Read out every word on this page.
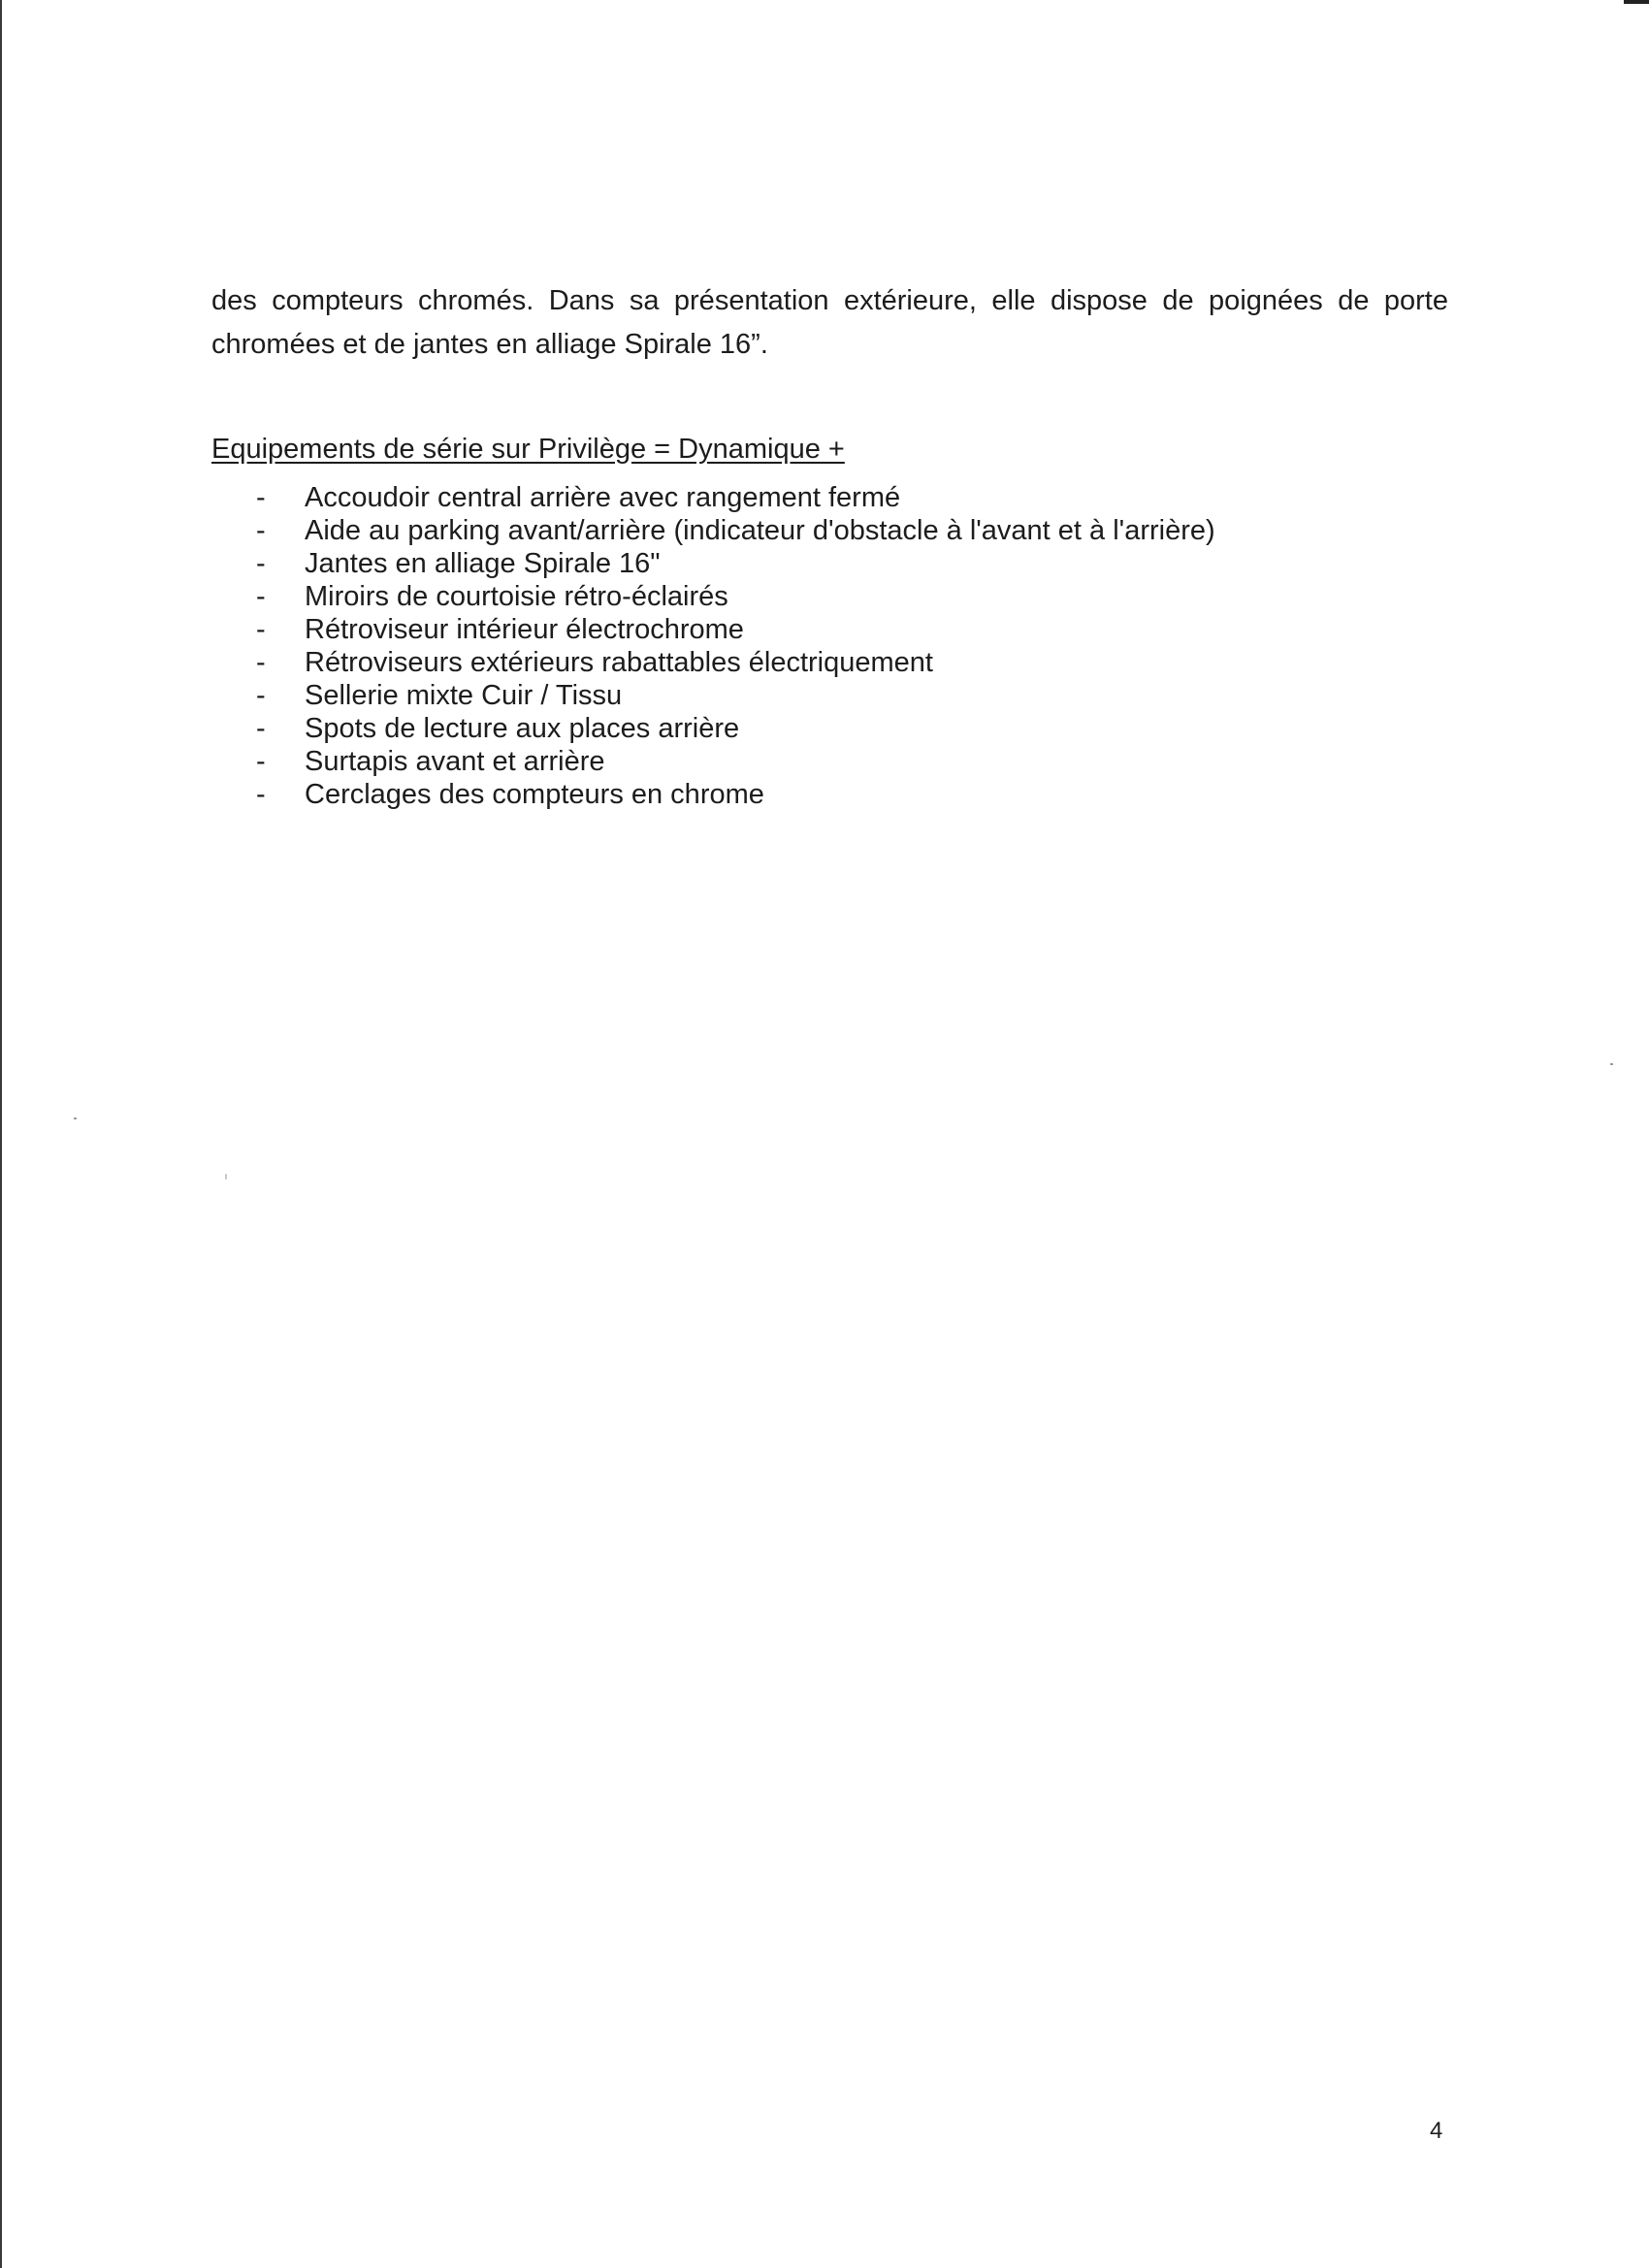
des compteurs chromés. Dans sa présentation extérieure, elle dispose de poignées de porte
chromées et de jantes en alliage Spirale 16”.

Equipements de série sur Privilège = Dynamique +
- Accoudoir central arrière avec rangement fermé
- Aide au parking avant/arrière (indicateur d'obstacle à l'avant et à l'arrière)
- Jantes en alliage Spirale 16"
- Miroirs de courtoisie rétro-éclairés
- Rétroviseur intérieur électrochrome
- Rétroviseurs extérieurs rabattables électriquement
- Sellerie mixte Cuir / Tissu
- Spots de lecture aux places arrière
- Surtapis avant et arrière
- Cerclages des compteurs en chrome

4
